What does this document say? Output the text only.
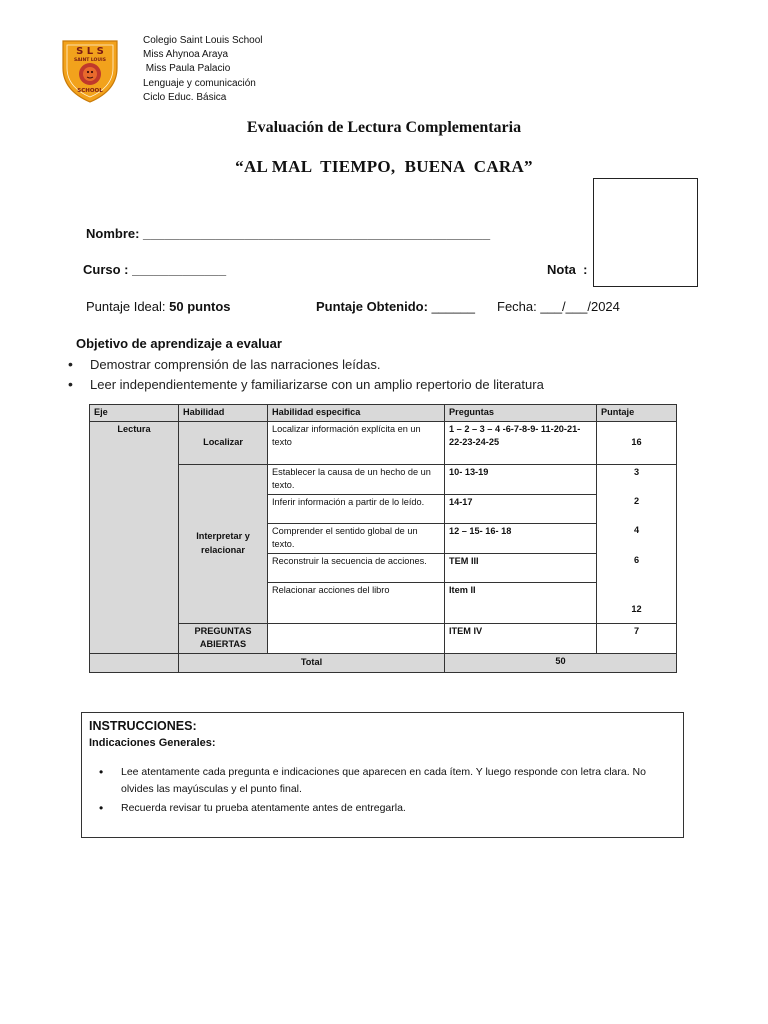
S L S
SAINT LOUIS
SCHOOL
Colegio Saint Louis School
Miss Ahynoa Araya
Miss Paula Palacio
Lenguaje y comunicación
Ciclo Educ. Básica
Evaluación de Lectura Complementaria
“AL MAL  TIEMPO,  BUENA  CARA”
Nombre: ________________________________________________
Curso : _____________	Nota  :
Puntaje Ideal: 50 puntos	Puntaje Obtenido: ______ Fecha: ___/___/2024
Objetivo de aprendizaje a evaluar
• Demostrar comprensión de las narraciones leídas.
• Leer independientemente y familiarizarse con un amplio repertorio de literatura
Eje	Habilidad	Habilidad especifica	Preguntas	Puntaje
Lectura	Localizar	Localizar información explícita en un texto	1 – 2 – 3 – 4 -6-7-8-9- 11-20-21-22-23-24-25	16
	Interpretar y relacionar	Establecer la causa de un hecho de un texto.	10- 13-19	3
		Inferir información a partir de lo leído.	14-17	2
		Comprender el sentido global de un texto.	12 – 15- 16- 18	4
		Reconstruir la secuencia de acciones.	TEM III	6
		Relacionar acciones del libro	Item II	12
	PREGUNTAS ABIERTAS		ITEM IV	7
	Total		50	
INSTRUCCIONES:
Indicaciones Generales:
• Lee atentamente cada pregunta e indicaciones que aparecen en cada ítem. Y luego responde con letra clara. No olvides las mayúsculas y el punto final.
• Recuerda revisar tu prueba atentamente antes de entregarla.
